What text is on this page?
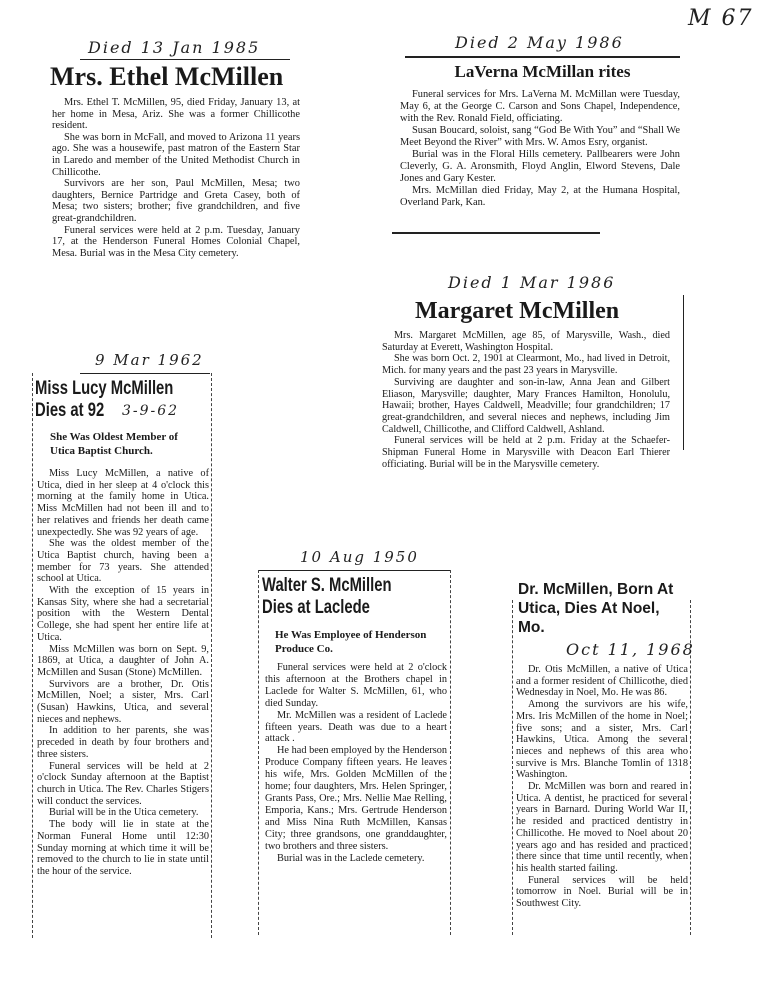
M 67
Died 13 Jan 1985
Mrs. Ethel McMillen

Mrs. Ethel T. McMillen, 95, died Friday, January 13, at her home in Mesa, Ariz. She was a former Chillicothe resident.

She was born in McFall, and moved to Arizona 11 years ago. She was a housewife, past matron of the Eastern Star in Laredo and member of the United Methodist Church in Chillicothe.

Survivors are her son, Paul McMillen, Mesa; two daughters, Bernice Partridge and Greta Casey, both of Mesa; two sisters; brother; five grandchildren, and five great-grandchildren.

Funeral services were held at 2 p.m. Tuesday, January 17, at the Henderson Funeral Homes Colonial Chapel, Mesa. Burial was in the Mesa City cemetery.

Died 2 May 1986
LaVerna McMillan rites

Funeral services for Mrs. LaVerna M. McMillan were Tuesday, May 6, at the George C. Carson and Sons Chapel, Independence, with the Rev. Ronald Field, officiating.

Susan Boucard, soloist, sang “God Be With You” and “Shall We Meet Beyond the River” with Mrs. W. Amos Esry, organist.

Burial was in the Floral Hills cemetery. Pallbearers were John Cleverly, G. A. Aronsmith, Floyd Anglin, Elword Stevens, Dale Jones and Gary Kester.

Mrs. McMillan died Friday, May 2, at the Humana Hospital, Overland Park, Kan.

Died 1 Mar 1986
Margaret McMillen

Mrs. Margaret McMillen, age 85, of Marysville, Wash., died Saturday at Everett, Washington Hospital.

She was born Oct. 2, 1901 at Clearmont, Mo., had lived in Detroit, Mich. for many years and the past 23 years in Marysville.

Surviving are daughter and son-in-law, Anna Jean and Gilbert Eliason, Marysville; daughter, Mary Frances Hamilton, Honolulu, Hawaii; brother, Hayes Caldwell, Meadville; four grandchildren; 17 great-grandchildren, and several nieces and nephews, including Jim Caldwell, Chillicothe, and Clifford Caldwell, Ashland.

Funeral services will be held at 2 p.m. Friday at the Schaefer-Shipman Funeral Home in Marysville with Deacon Earl Thierer officiating. Burial will be in the Marysville cemetery.

9 Mar 1962
Miss Lucy McMillen
Dies at 92 3-9-62
She Was Oldest Member of Utica Baptist Church.

Miss Lucy McMillen, a native of Utica, died in her sleep at 4 o'clock this morning at the family home in Utica. Miss McMillen had not been ill and to her relatives and friends her death came unexpectedly. She was 92 years of age.

She was the oldest member of the Utica Baptist church, having been a member for 73 years. She attended school at Utica.

With the exception of 15 years in Kansas Sity, where she had a secretarial position with the Western Dental College, she had spent her entire life at Utica.

Miss McMillen was born on Sept. 9, 1869, at Utica, a daughter of John A. McMillen and Susan (Stone) McMillen.

Survivors are a brother, Dr. Otis McMillen, Noel; a sister, Mrs. Carl (Susan) Hawkins, Utica, and several nieces and nephews.

In addition to her parents, she was preceded in death by four brothers and three sisters.

Funeral services will be held at 2 o'clock Sunday afternoon at the Baptist church in Utica. The Rev. Charles Stigers will conduct the services.

Burial will be in the Utica cemetery.

The body will lie in state at the Norman Funeral Home until 12:30 Sunday morning at which time it will be removed to the church to lie in state until the hour of the service.

10 Aug 1950
Walter S. McMillen
Dies at Laclede
He Was Employee of Henderson Produce Co.

Funeral services were held at 2 o'clock this afternoon at the Brothers chapel in Laclede for Walter S. McMillen, 61, who died Sunday.

Mr. McMillen was a resident of Laclede fifteen years. Death was due to a heart attack .

He had been employed by the Henderson Produce Company fifteen years. He leaves his wife, Mrs. Golden McMillen of the home; four daughters, Mrs. Helen Springer, Grants Pass, Ore.; Mrs. Nellie Mae Relling, Emporia, Kans.; Mrs. Gertrude Henderson and Miss Nina Ruth McMillen, Kansas City; three grandsons, one granddaughter, two brothers and three sisters.

Burial was in the Laclede cemetery.

Dr. McMillen, Born At Utica, Dies At Noel, Mo.
Oct 11, 1968

Dr. Otis McMillen, a native of Utica and a former resident of Chillicothe, died Wednesday in Noel, Mo. He was 86.

Among the survivors are his wife, Mrs. Iris McMillen of the home in Noel; five sons; and a sister, Mrs. Carl Hawkins, Utica. Among the several nieces and nephews of this area who survive is Mrs. Blanche Tomlin of 1318 Washington.

Dr. McMillen was born and reared in Utica. A dentist, he practiced for several years in Barnard. During World War II, he resided and practiced dentistry in Chillicothe. He moved to Noel about 20 years ago and has resided and practiced there since that time until recently, when his health started failing.

Funeral services will be held tomorrow in Noel. Burial will be in Southwest City.
